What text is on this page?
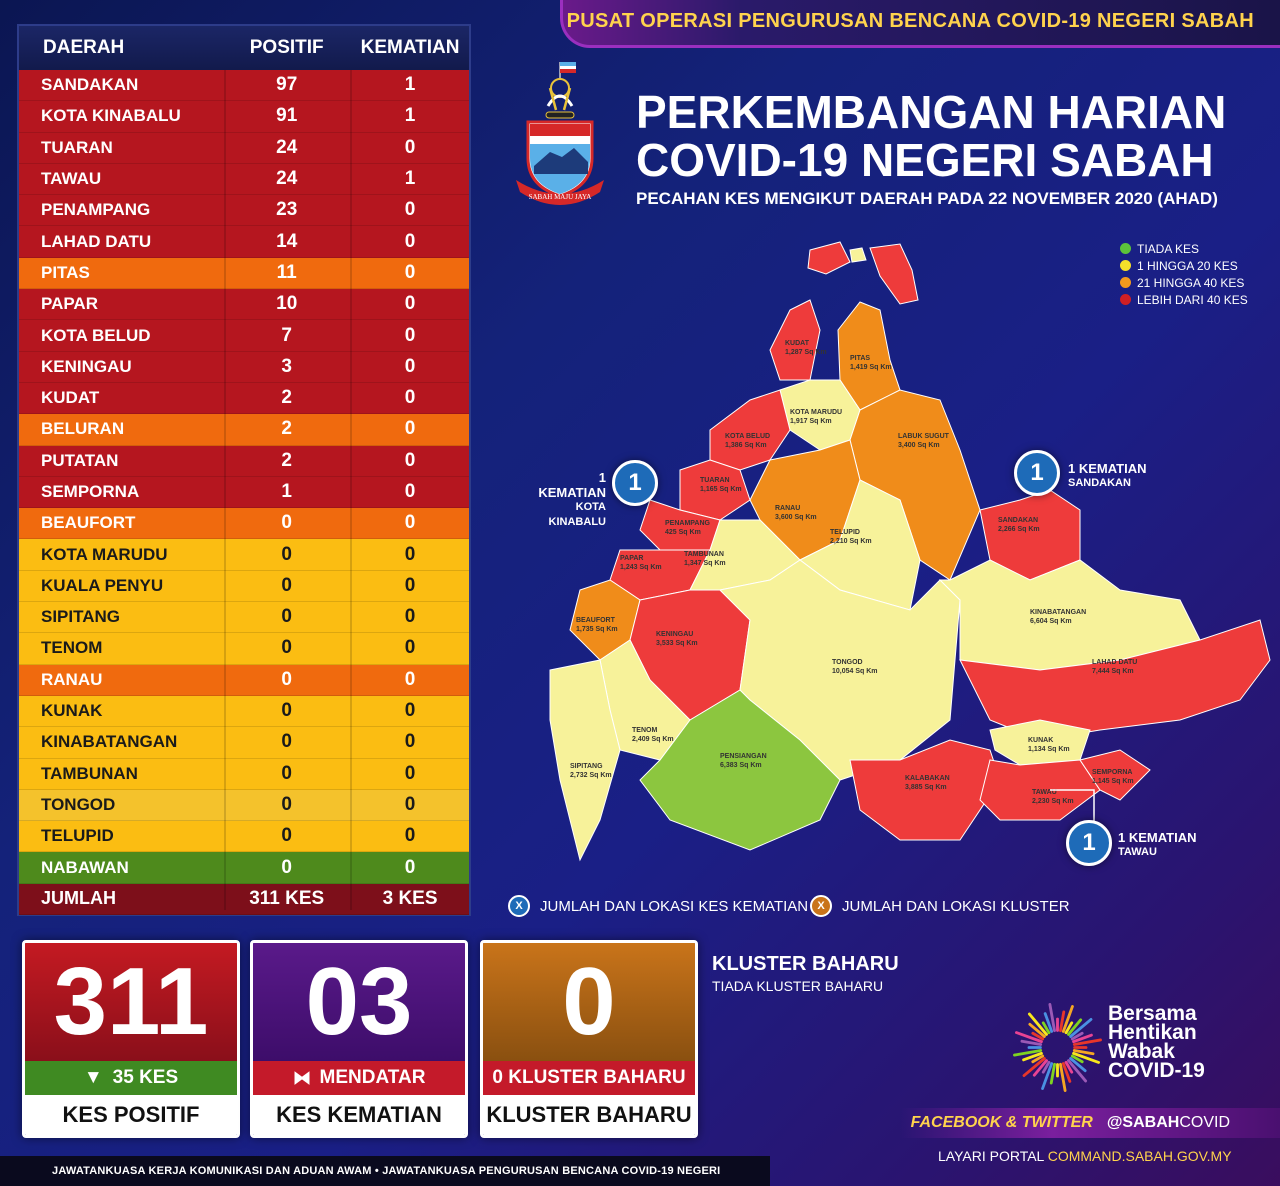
PUSAT OPERASI PENGURUSAN BENCANA COVID-19 NEGERI SABAH
DAERAH	POSITIF	KEMATIAN
SANDAKAN	97	1
KOTA KINABALU	91	1
TUARAN	24	0
TAWAU	24	1
PENAMPANG	23	0
LAHAD DATU	14	0
PITAS	11	0
PAPAR	10	0
KOTA BELUD	7	0
KENINGAU	3	0
KUDAT	2	0
BELURAN	2	0
PUTATAN	2	0
SEMPORNA	1	0
BEAUFORT	0	0
KOTA MARUDU	0	0
KUALA PENYU	0	0
SIPITANG	0	0
TENOM	0	0
RANAU	0	0
KUNAK	0	0
KINABATANGAN	0	0
TAMBUNAN	0	0
TONGOD	0	0
TELUPID	0	0
NABAWAN	0	0
JUMLAH	311 KES	3 KES
SABAH MAJU JAYA
PERKEMBANGAN HARIAN
COVID-19 NEGERI SABAH
PECAHAN KES MENGIKUT DAERAH PADA 22 NOVEMBER 2020 (AHAD)
TIADA KES
1 HINGGA 20 KES
21 HINGGA 40 KES
LEBIH DARI 40 KES
KUDAT
1,287 Sq Km
PITAS
1,419 Sq Km
KOTA MARUDU
1,917 Sq Km
KOTA BELUD
1,386 Sq Km
TUARAN
1,165 Sq Km
LABUK SUGUT
3,400 Sq Km
RANAU
3,600 Sq Km
PENAMPANG
425 Sq Km	TELUPID
2,210 Sq Km
SANDAKAN
2,266 Sq Km
PAPAR
1,243 Sq Km
TAMBUNAN
1,347 Sq Km
BEAUFORT
1,735 Sq Km
KENINGAU
3,533 Sq Km
TONGOD
10,054 Sq Km
KINABATANGAN
6,604 Sq Km
LAHAD DATU
7,444 Sq Km
TENOM
2,409 Sq Km
SIPITANG
2,732 Sq Km
PENSIANGAN
6,383 Sq Km
KUNAK
1,134 Sq Km
KALABAKAN
3,885 Sq Km
TAWAU
2,230 Sq Km
SEMPORNA
1,145 Sq Km
1 KEMATIAN
KOTA KINABALU
1	1	1 KEMATIAN
SANDAKAN
1	1 KEMATIAN
TAWAU
X	JUMLAH DAN LOKASI KES KEMATIAN X	JUMLAH DAN LOKASI KLUSTER
311
▼ 35 KES
KES POSITIF
03
⧓ MENDATAR
KES KEMATIAN
0
0 KLUSTER BAHARU
KLUSTER BAHARU
KLUSTER BAHARU
TIADA KLUSTER BAHARU
Bersama
Hentikan
Wabak
COVID-19
FACEBOOK & TWITTER @SABAHCOVID
LAYARI PORTAL COMMAND.SABAH.GOV.MY
JAWATANKUASA KERJA KOMUNIKASI DAN ADUAN AWAM • JAWATANKUASA PENGURUSAN BENCANA COVID-19 NEGERI
